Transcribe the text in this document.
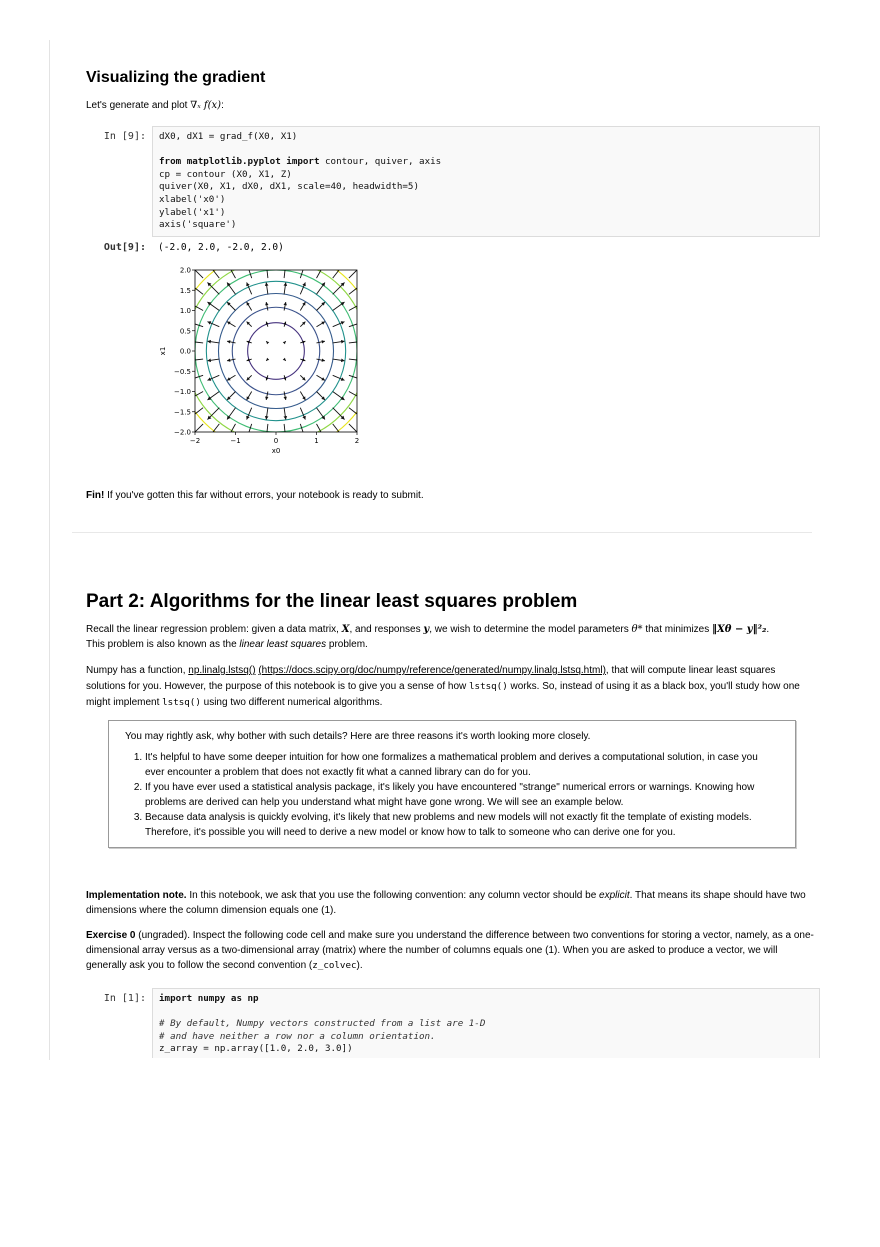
Visualizing the gradient
Let's generate and plot ∇ₓ f(x):
In [9]:	dX0, dX1 = grad_f(X0, X1)

from matplotlib.pyplot import contour, quiver, axis
cp = contour (X0, X1, Z)
quiver(X0, X1, dX0, dX1, scale=40, headwidth=5)
xlabel('x0')
ylabel('x1')
axis('square')
Out[9]: (-2.0, 2.0, -2.0, 2.0)
−2	−1	0	1	2
2.0
1.5
1.0
0.5
0.0
−0.5
−1.0
−1.5
−2.0
x0
x1
Fin! If you've gotten this far without errors, your notebook is ready to submit.
Part 2: Algorithms for the linear least squares problem
Recall the linear regression problem: given a data matrix, X, and responses y, we wish to determine the model parameters θ* that minimizes ‖Xθ − y‖²₂.
This problem is also known as the linear least squares problem.
Numpy has a function, np.linalg.lstsq() (https://docs.scipy.org/doc/numpy/reference/generated/numpy.linalg.lstsq.html), that will compute linear least squares solutions for you. However, the purpose of this notebook is to give you a sense of how lstsq() works. So, instead of using it as a black box, you'll study how one might implement lstsq() using two different numerical algorithms.
You may rightly ask, why bother with such details? Here are three reasons it's worth looking more closely.
1. It's helpful to have some deeper intuition for how one formalizes a mathematical problem and derives a computational solution, in case you ever encounter a problem that does not exactly fit what a canned library can do for you.
2. If you have ever used a statistical analysis package, it's likely you have encountered "strange" numerical errors or warnings. Knowing how problems are derived can help you understand what might have gone wrong. We will see an example below.
3. Because data analysis is quickly evolving, it's likely that new problems and new models will not exactly fit the template of existing models. Therefore, it's possible you will need to derive a new model or know how to talk to someone who can derive one for you.
Implementation note. In this notebook, we ask that you use the following convention: any column vector should be explicit. That means its shape should have two dimensions where the column dimension equals one (1).
Exercise 0 (ungraded). Inspect the following code cell and make sure you understand the difference between two conventions for storing a vector, namely, as a one-dimensional array versus as a two-dimensional array (matrix) where the number of columns equals one (1). When you are asked to produce a vector, we will generally ask you to follow the second convention (z_colvec).
In [1]:	import numpy as np

# By default, Numpy vectors constructed from a list are 1-D
# and have neither a row nor a column orientation.
z_array = np.array([1.0, 2.0, 3.0])
